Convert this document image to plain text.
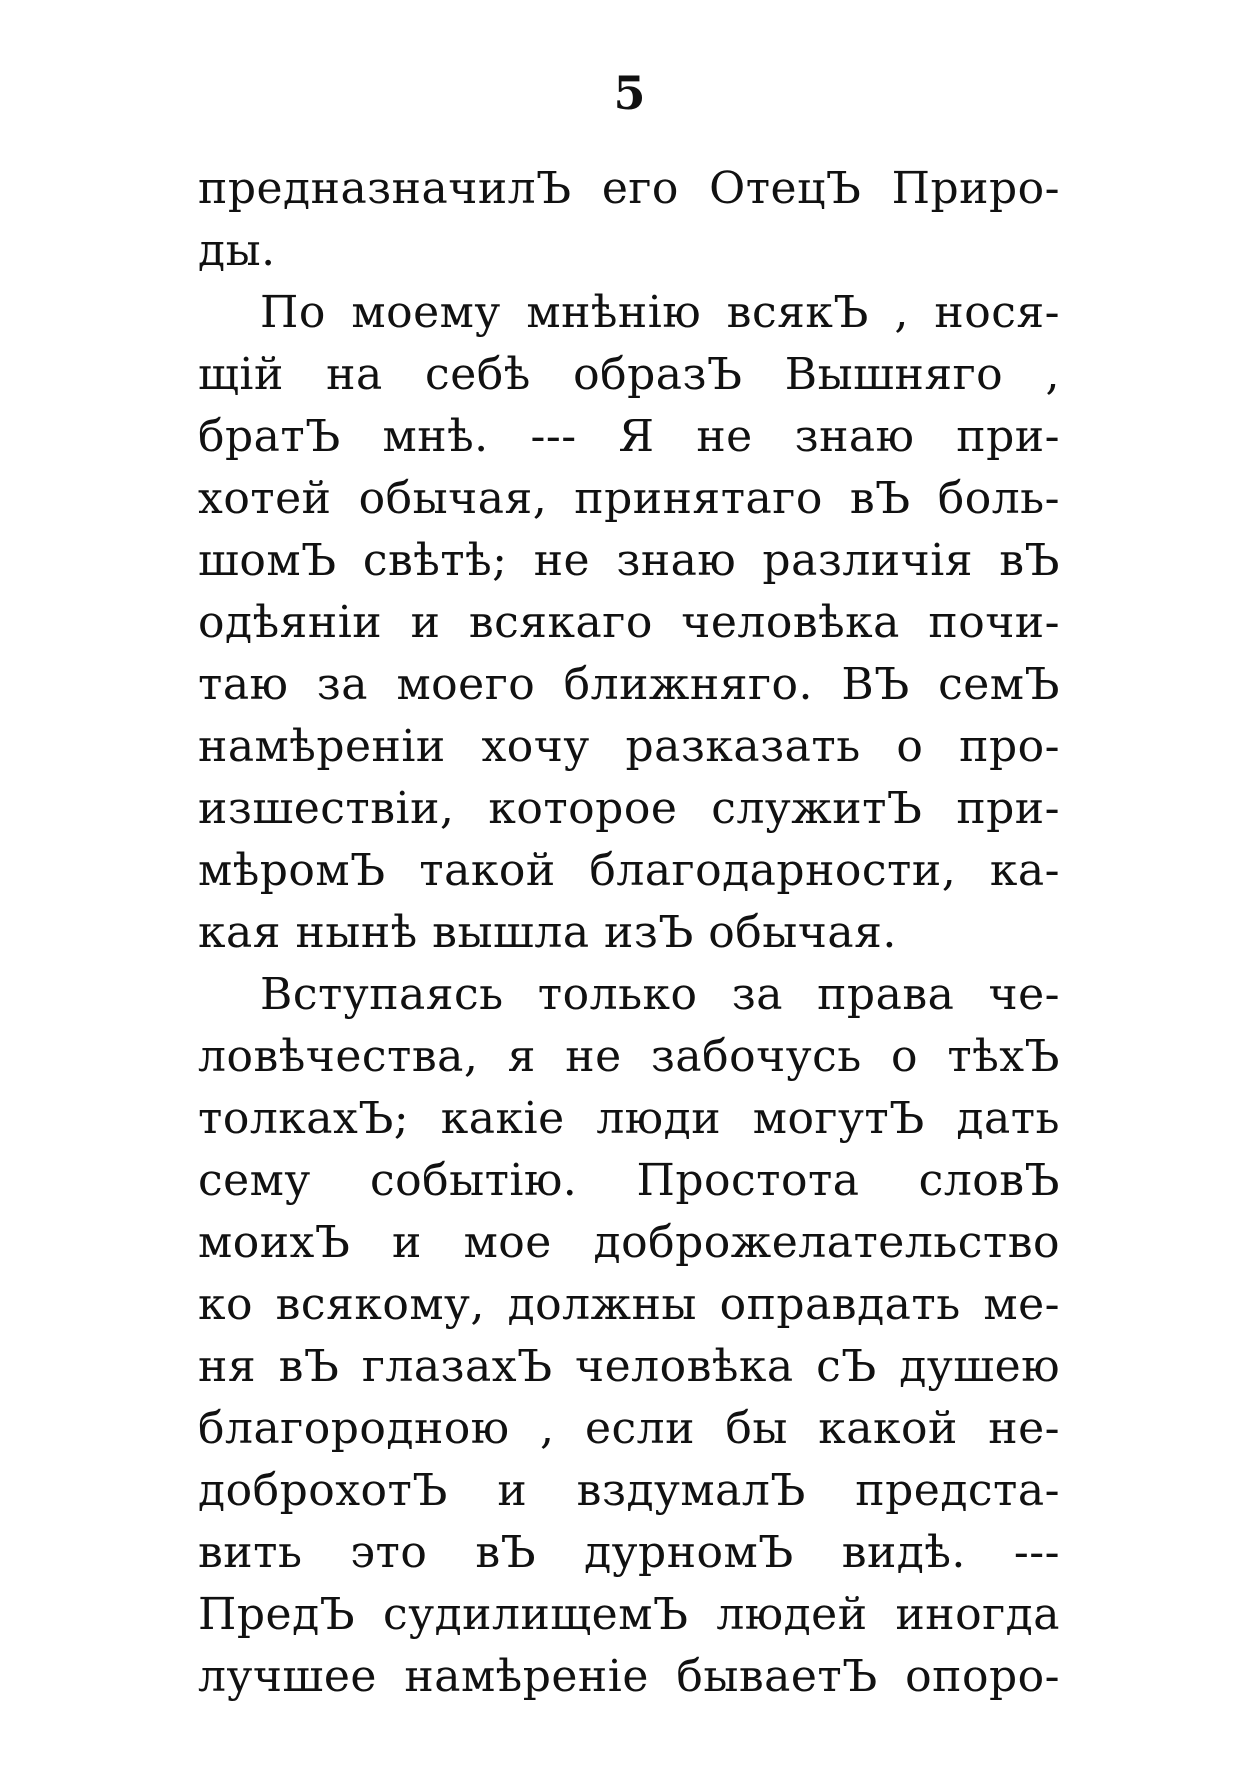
5
предназначилЪ его ОтецЪ Приро-
ды.
По моему мнѣнію всякЪ , нося-
щій на себѣ образЪ Вышняго ,
братЪ мнѣ. --- Я не знаю при-
хотей обычая, принятаго вЪ боль-
шомЪ свѣтѣ; не знаю различія вЪ
одѣяніи и всякаго человѣка почи-
таю за моего ближняго. ВЪ семЪ
намѣреніи хочу разказать о про-
изшествіи, которое служитЪ при-
мѣромЪ такой благодарности, ка-
кая нынѣ вышла изЪ обычая.
Вступаясь только за права че-
ловѣчества, я не забочусь о тѣхЪ
толкахЪ; какіе люди могутЪ дать
сему событію. Простота словЪ
моихЪ и мое доброжелательство
ко всякому, должны оправдать ме-
ня вЪ глазахЪ человѣка сЪ душею
благородною , если бы какой не-
доброхотЪ и вздумалЪ предста-
вить это вЪ дурномЪ видѣ. ---
ПредЪ судилищемЪ людей иногда
лучшее намѣреніе бываетЪ опоро-
